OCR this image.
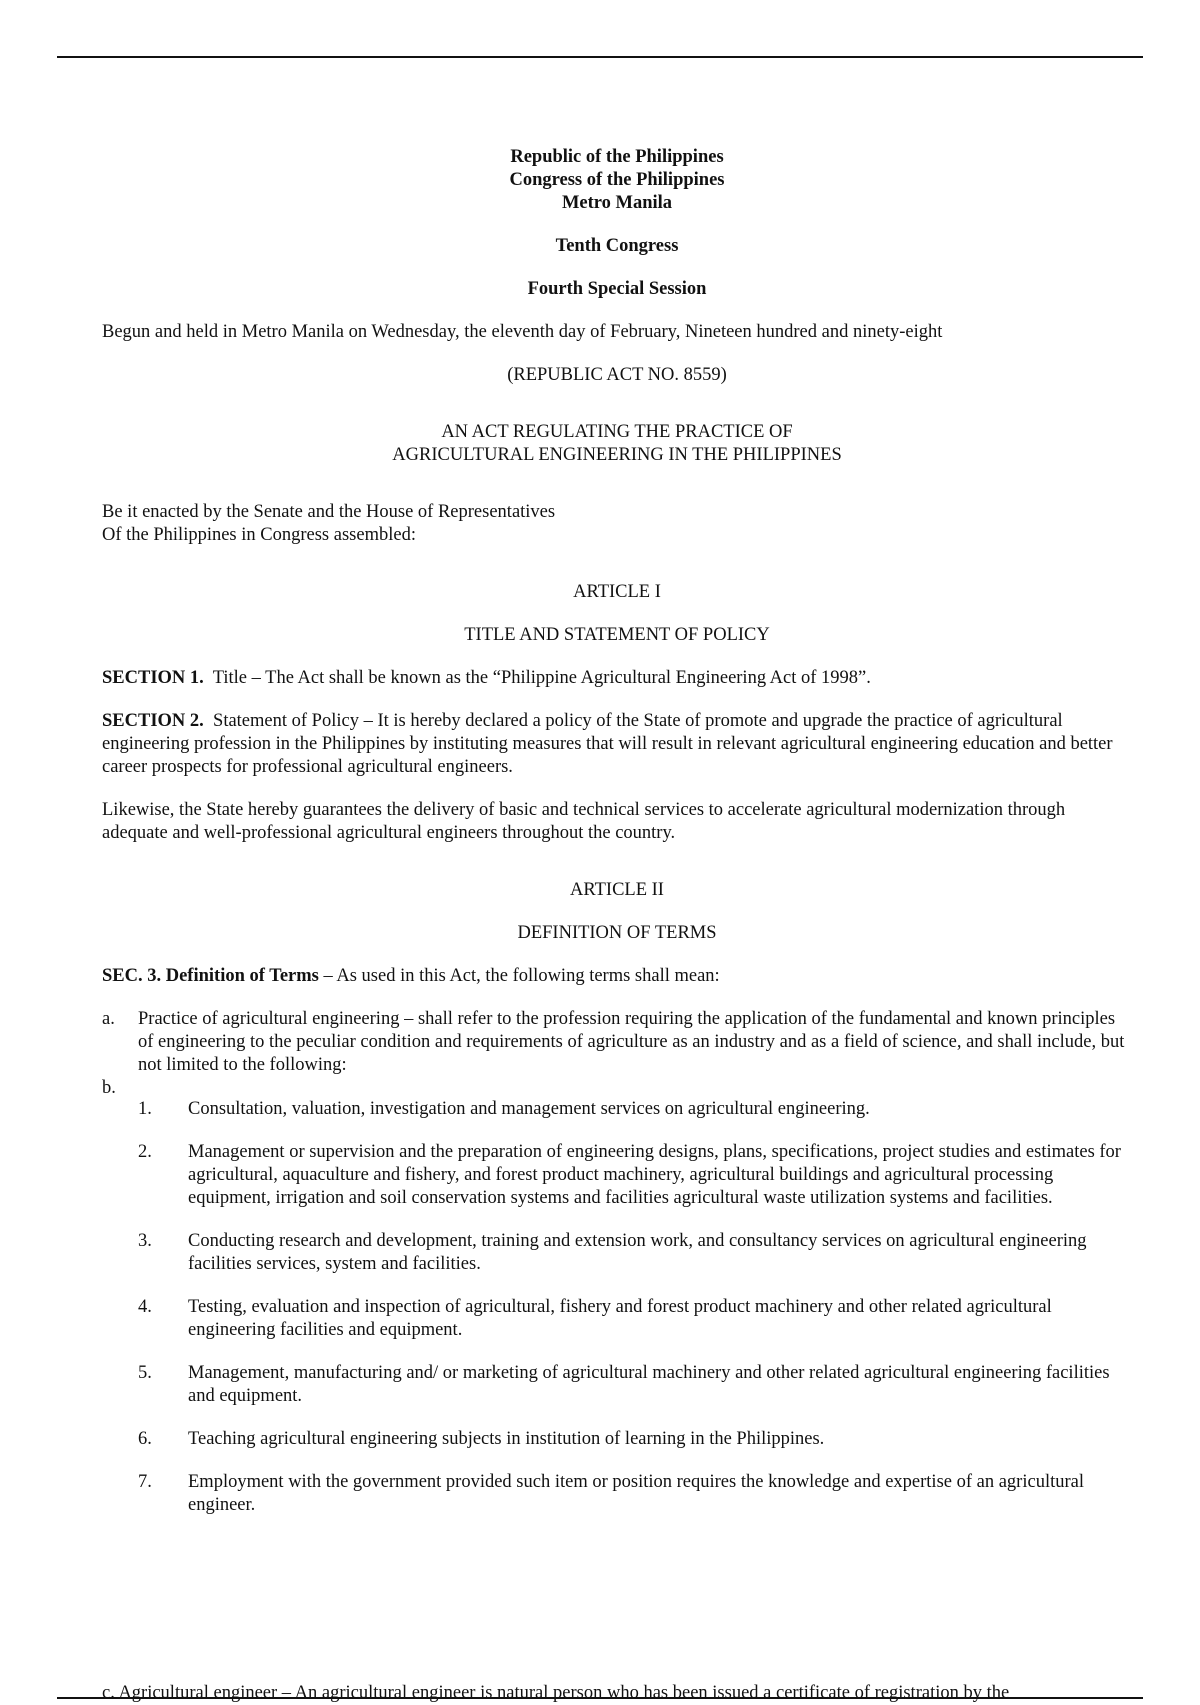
Republic of the Philippines

Congress of the Philippines

Metro Manila

Tenth Congress

Fourth Special Session

Begun and held in Metro Manila on Wednesday, the eleventh day of February, Nineteen hundred and ninety-eight

(REPUBLIC ACT NO. 8559)

AN ACT REGULATING THE PRACTICE OF

AGRICULTURAL ENGINEERING IN THE PHILIPPINES

Be it enacted by the Senate and the House of Representatives

Of the Philippines in Congress assembled:

ARTICLE I

TITLE AND STATEMENT OF POLICY

SECTION 1. Title – The Act shall be known as the “Philippine Agricultural Engineering Act of 1998”.

SECTION 2. Statement of Policy – It is hereby declared a policy of the State of promote and upgrade the practice of agricultural engineering profession in the Philippines by instituting measures that will result in relevant agricultural engineering education and better career prospects for professional agricultural engineers.

Likewise, the State hereby guarantees the delivery of basic and technical services to accelerate agricultural modernization through adequate and well-professional agricultural engineers throughout the country.

ARTICLE II

DEFINITION OF TERMS

SEC. 3. Definition of Terms – As used in this Act, the following terms shall mean:

a. Practice of agricultural engineering – shall refer to the profession requiring the application of the fundamental and known principles of engineering to the peculiar condition and requirements of agriculture as an industry and as a field of science, and shall include, but not limited to the following:

b.

1. Consultation, valuation, investigation and management services on agricultural engineering.

2. Management or supervision and the preparation of engineering designs, plans, specifications, project studies and estimates for agricultural, aquaculture and fishery, and forest product machinery, agricultural buildings and agricultural processing equipment, irrigation and soil conservation systems and facilities agricultural waste utilization systems and facilities.

3. Conducting research and development, training and extension work, and consultancy services on agricultural engineering facilities services, system and facilities.

4. Testing, evaluation and inspection of agricultural, fishery and forest product machinery and other related agricultural engineering facilities and equipment.

5. Management, manufacturing and/ or marketing of agricultural machinery and other related agricultural engineering facilities and equipment.

6. Teaching agricultural engineering subjects in institution of learning in the Philippines.

7. Employment with the government provided such item or position requires the knowledge and expertise of an agricultural engineer.

c. Agricultural engineer – An agricultural engineer is natural person who has been issued a certificate of registration by the
